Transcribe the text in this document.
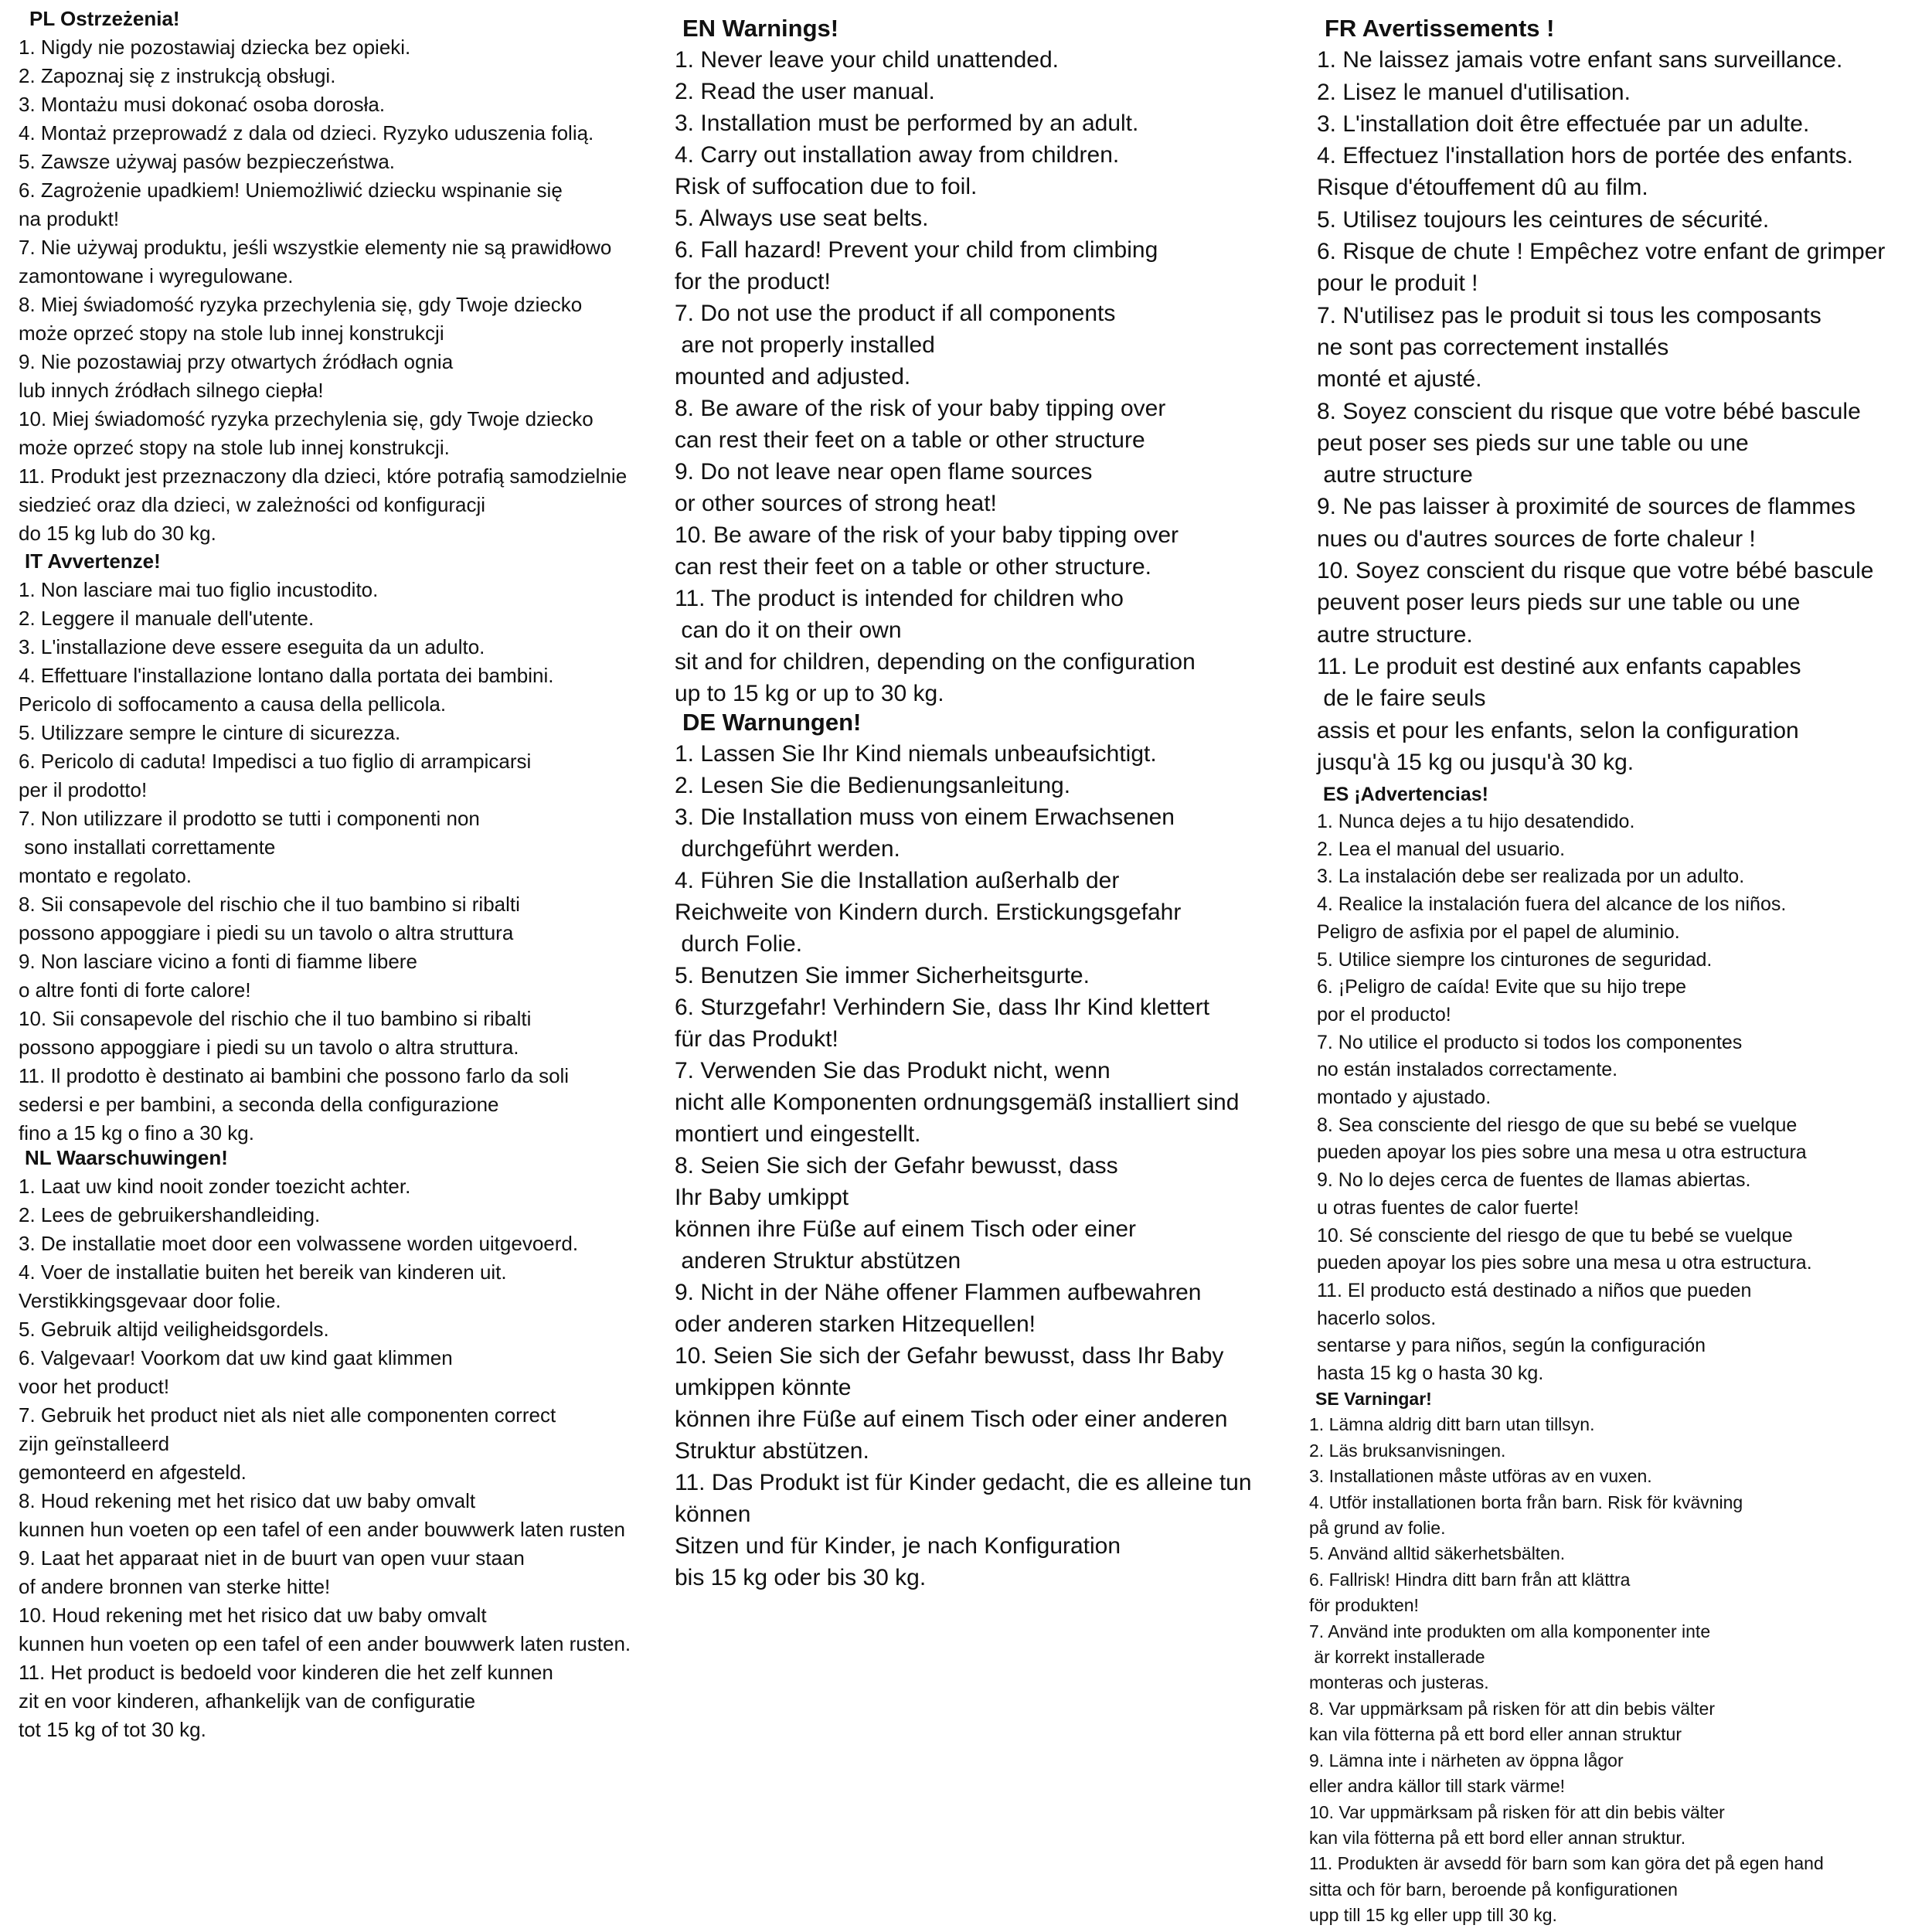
PL Ostrzeżenia!
1. Nigdy nie pozostawiaj dziecka bez opieki.
2. Zapoznaj się z instrukcją obsługi.
3. Montażu musi dokonać osoba dorosła.
4. Montaż przeprowadź z dala od dzieci. Ryzyko uduszenia folią.
5. Zawsze używaj pasów bezpieczeństwa.
6. Zagrożenie upadkiem! Uniemożliwić dziecku wspinanie się
na produkt!
7. Nie używaj produktu, jeśli wszystkie elementy nie są prawidłowo
zamontowane i wyregulowane.
8. Miej świadomość ryzyka przechylenia się, gdy Twoje dziecko
może oprzeć stopy na stole lub innej konstrukcji
9. Nie pozostawiaj przy otwartych źródłach ognia
lub innych źródłach silnego ciepła!
10. Miej świadomość ryzyka przechylenia się, gdy Twoje dziecko
może oprzeć stopy na stole lub innej konstrukcji.
11. Produkt jest przeznaczony dla dzieci, które potrafią samodzielnie
siedzieć oraz dla dzieci, w zależności od konfiguracji
do 15 kg lub do 30 kg.
IT Avvertenze!
1. Non lasciare mai tuo figlio incustodito.
2. Leggere il manuale dell'utente.
3. L'installazione deve essere eseguita da un adulto.
4. Effettuare l'installazione lontano dalla portata dei bambini.
Pericolo di soffocamento a causa della pellicola.
5. Utilizzare sempre le cinture di sicurezza.
6. Pericolo di caduta! Impedisci a tuo figlio di arrampicarsi
per il prodotto!
7. Non utilizzare il prodotto se tutti i componenti non
sono installati correttamente
montato e regolato.
8. Sii consapevole del rischio che il tuo bambino si ribalti
possono appoggiare i piedi su un tavolo o altra struttura
9. Non lasciare vicino a fonti di fiamme libere
o altre fonti di forte calore!
10. Sii consapevole del rischio che il tuo bambino si ribalti
possono appoggiare i piedi su un tavolo o altra struttura.
11. Il prodotto è destinato ai bambini che possono farlo da soli
sedersi e per bambini, a seconda della configurazione
fino a 15 kg o fino a 30 kg.
NL Waarschuwingen!
1. Laat uw kind nooit zonder toezicht achter.
2. Lees de gebruikershandleiding.
3. De installatie moet door een volwassene worden uitgevoerd.
4. Voer de installatie buiten het bereik van kinderen uit.
Verstikkingsgevaar door folie.
5. Gebruik altijd veiligheidsgordels.
6. Valgevaar! Voorkom dat uw kind gaat klimmen
voor het product!
7. Gebruik het product niet als niet alle componenten correct
zijn geïnstalleerd
gemonteerd en afgesteld.
8. Houd rekening met het risico dat uw baby omvalt
kunnen hun voeten op een tafel of een ander bouwwerk laten rusten
9. Laat het apparaat niet in de buurt van open vuur staan
of andere bronnen van sterke hitte!
10. Houd rekening met het risico dat uw baby omvalt
kunnen hun voeten op een tafel of een ander bouwwerk laten rusten.
11. Het product is bedoeld voor kinderen die het zelf kunnen
zit en voor kinderen, afhankelijk van de configuratie
tot 15 kg of tot 30 kg.
EN Warnings!
1. Never leave your child unattended.
2. Read the user manual.
3. Installation must be performed by an adult.
4. Carry out installation away from children.
Risk of suffocation due to foil.
5. Always use seat belts.
6. Fall hazard! Prevent your child from climbing
for the product!
7. Do not use the product if all components
are not properly installed
mounted and adjusted.
8. Be aware of the risk of your baby tipping over
can rest their feet on a table or other structure
9. Do not leave near open flame sources
or other sources of strong heat!
10. Be aware of the risk of your baby tipping over
can rest their feet on a table or other structure.
11. The product is intended for children who
can do it on their own
sit and for children, depending on the configuration
up to 15 kg or up to 30 kg.
DE Warnungen!
1. Lassen Sie Ihr Kind niemals unbeaufsichtigt.
2. Lesen Sie die Bedienungsanleitung.
3. Die Installation muss von einem Erwachsenen
durchgeführt werden.
4. Führen Sie die Installation außerhalb der
Reichweite von Kindern durch. Erstickungsgefahr
durch Folie.
5. Benutzen Sie immer Sicherheitsgurte.
6. Sturzgefahr! Verhindern Sie, dass Ihr Kind klettert
für das Produkt!
7. Verwenden Sie das Produkt nicht, wenn
nicht alle Komponenten ordnungsgemäß installiert sind
montiert und eingestellt.
8. Seien Sie sich der Gefahr bewusst, dass
Ihr Baby umkippt
können ihre Füße auf einem Tisch oder einer
anderen Struktur abstützen
9. Nicht in der Nähe offener Flammen aufbewahren
oder anderen starken Hitzequellen!
10. Seien Sie sich der Gefahr bewusst, dass Ihr Baby
umkippen könnte
können ihre Füße auf einem Tisch oder einer anderen
Struktur abstützen.
11. Das Produkt ist für Kinder gedacht, die es alleine tun
können
Sitzen und für Kinder, je nach Konfiguration
bis 15 kg oder bis 30 kg.
FR Avertissements !
1. Ne laissez jamais votre enfant sans surveillance.
2. Lisez le manuel d'utilisation.
3. L'installation doit être effectuée par un adulte.
4. Effectuez l'installation hors de portée des enfants.
Risque d'étouffement dû au film.
5. Utilisez toujours les ceintures de sécurité.
6. Risque de chute ! Empêchez votre enfant de grimper
pour le produit !
7. N'utilisez pas le produit si tous les composants
ne sont pas correctement installés
monté et ajusté.
8. Soyez conscient du risque que votre bébé bascule
peut poser ses pieds sur une table ou une
autre structure
9. Ne pas laisser à proximité de sources de flammes
nues ou d'autres sources de forte chaleur !
10. Soyez conscient du risque que votre bébé bascule
peuvent poser leurs pieds sur une table ou une
autre structure.
11. Le produit est destiné aux enfants capables
de le faire seuls
assis et pour les enfants, selon la configuration
jusqu'à 15 kg ou jusqu'à 30 kg.
ES ¡Advertencias!
1. Nunca dejes a tu hijo desatendido.
2. Lea el manual del usuario.
3. La instalación debe ser realizada por un adulto.
4. Realice la instalación fuera del alcance de los niños.
Peligro de asfixia por el papel de aluminio.
5. Utilice siempre los cinturones de seguridad.
6. ¡Peligro de caída! Evite que su hijo trepe
por el producto!
7. No utilice el producto si todos los componentes
no están instalados correctamente.
montado y ajustado.
8. Sea consciente del riesgo de que su bebé se vuelque
pueden apoyar los pies sobre una mesa u otra estructura
9. No lo dejes cerca de fuentes de llamas abiertas.
u otras fuentes de calor fuerte!
10. Sé consciente del riesgo de que tu bebé se vuelque
pueden apoyar los pies sobre una mesa u otra estructura.
11. El producto está destinado a niños que pueden
hacerlo solos.
sentarse y para niños, según la configuración
hasta 15 kg o hasta 30 kg.
SE Varningar!
1. Lämna aldrig ditt barn utan tillsyn.
2. Läs bruksanvisningen.
3. Installationen måste utföras av en vuxen.
4. Utför installationen borta från barn. Risk för kvävning
på grund av folie.
5. Använd alltid säkerhetsbälten.
6. Fallrisk! Hindra ditt barn från att klättra
för produkten!
7. Använd inte produkten om alla komponenter inte
är korrekt installerade
monteras och justeras.
8. Var uppmärksam på risken för att din bebis välter
kan vila fötterna på ett bord eller annan struktur
9. Lämna inte i närheten av öppna lågor
eller andra källor till stark värme!
10. Var uppmärksam på risken för att din bebis välter
kan vila fötterna på ett bord eller annan struktur.
11. Produkten är avsedd för barn som kan göra det på egen hand
sitta och för barn, beroende på konfigurationen
upp till 15 kg eller upp till 30 kg.
